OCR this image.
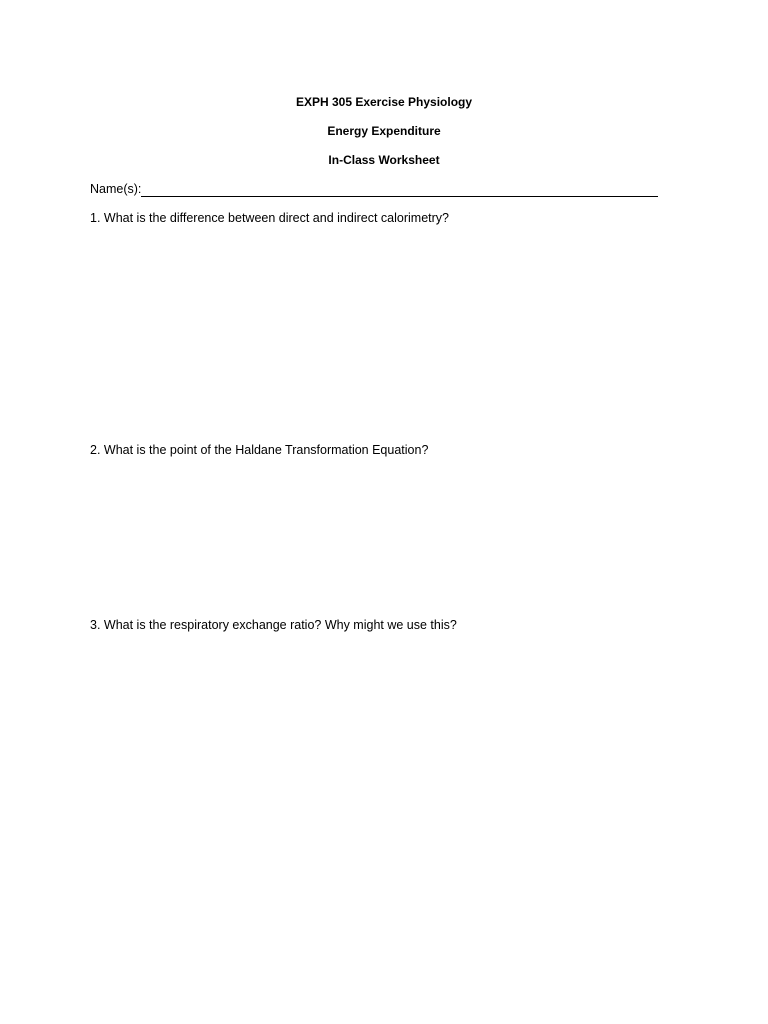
EXPH 305 Exercise Physiology
Energy Expenditure
In-Class Worksheet
Name(s):
1. What is the difference between direct and indirect calorimetry?
2. What is the point of the Haldane Transformation Equation?
3. What is the respiratory exchange ratio? Why might we use this?
